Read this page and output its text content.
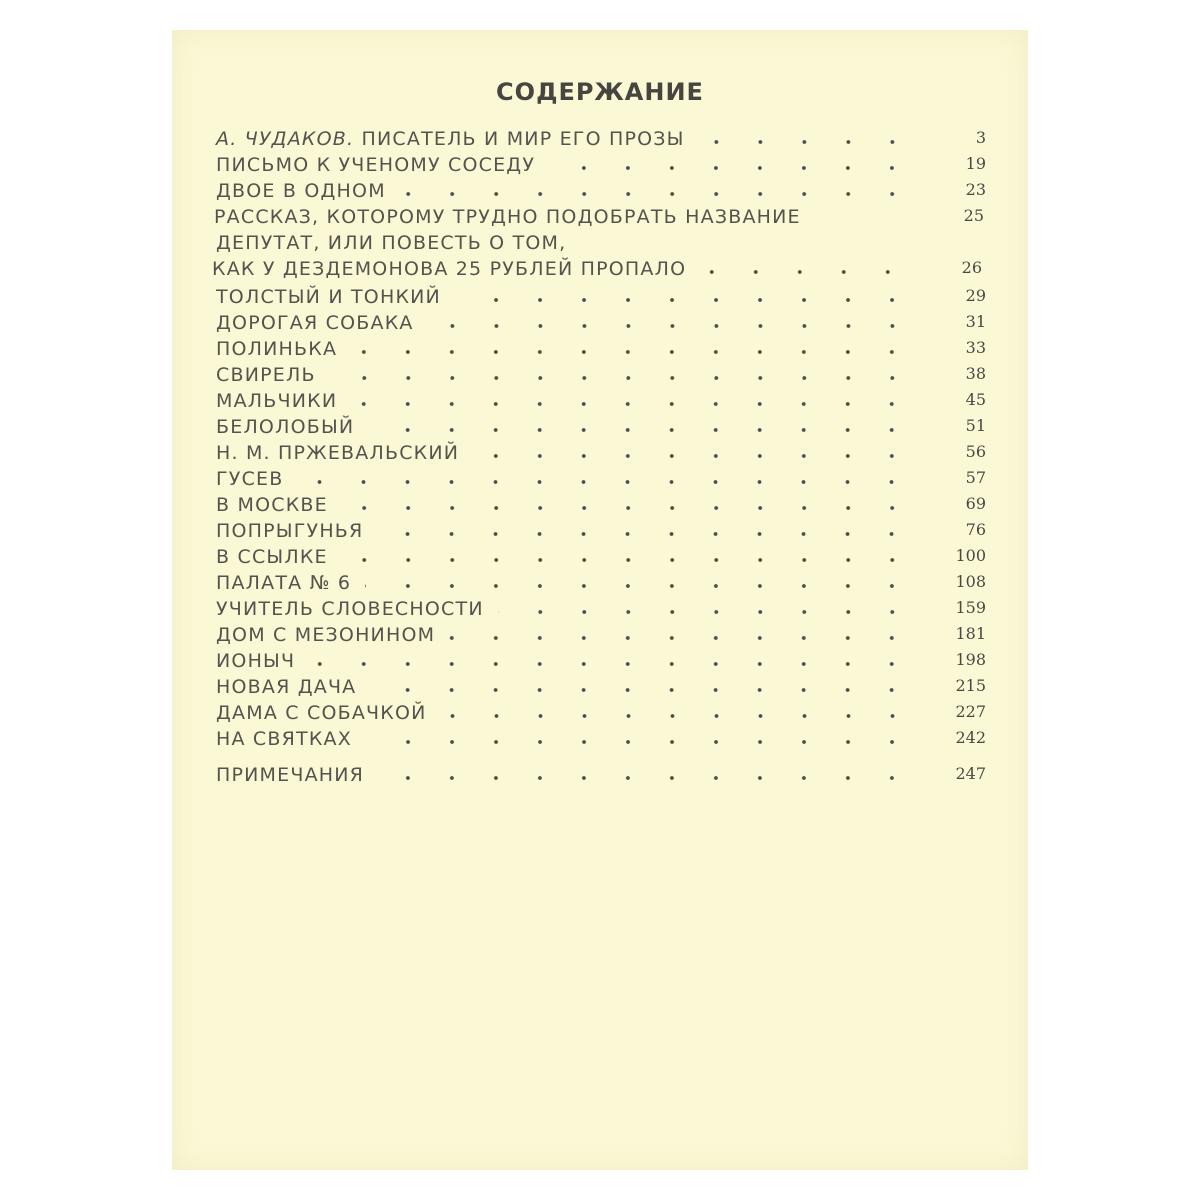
СОДЕРЖАНИЕ
А. ЧУДАКОВ. ПИСАТЕЛЬ И МИР ЕГО ПРОЗЫ	3
ПИСЬМО К УЧЕНОМУ СОСЕДУ	19
ДВОЕ В ОДНОМ	23
РАССКАЗ, КОТОРОМУ ТРУДНО ПОДОБРАТЬ НАЗВАНИЕ	25
ДЕПУТАТ, ИЛИ ПОВЕСТЬ О ТОМ,
КАК У ДЕЗДЕМОНОВА 25 РУБЛЕЙ ПРОПАЛО	26
ТОЛСТЫЙ И ТОНКИЙ	29
ДОРОГАЯ СОБАКА	31
ПОЛИНЬКА	33
СВИРЕЛЬ	38
МАЛЬЧИКИ	45
БЕЛОЛОБЫЙ	51
Н. М. ПРЖЕВАЛЬСКИЙ	56
ГУСЕВ	57
В МОСКВЕ	69
ПОПРЫГУНЬЯ	76
В ССЫЛКЕ	100
ПАЛАТА № 6	108
УЧИТЕЛЬ СЛОВЕСНОСТИ	159
ДОМ С МЕЗОНИНОМ	181
ИОНЫЧ	198
НОВАЯ ДАЧА	215
ДАМА С СОБАЧКОЙ	227
НА СВЯТКАХ	242
ПРИМЕЧАНИЯ	247
